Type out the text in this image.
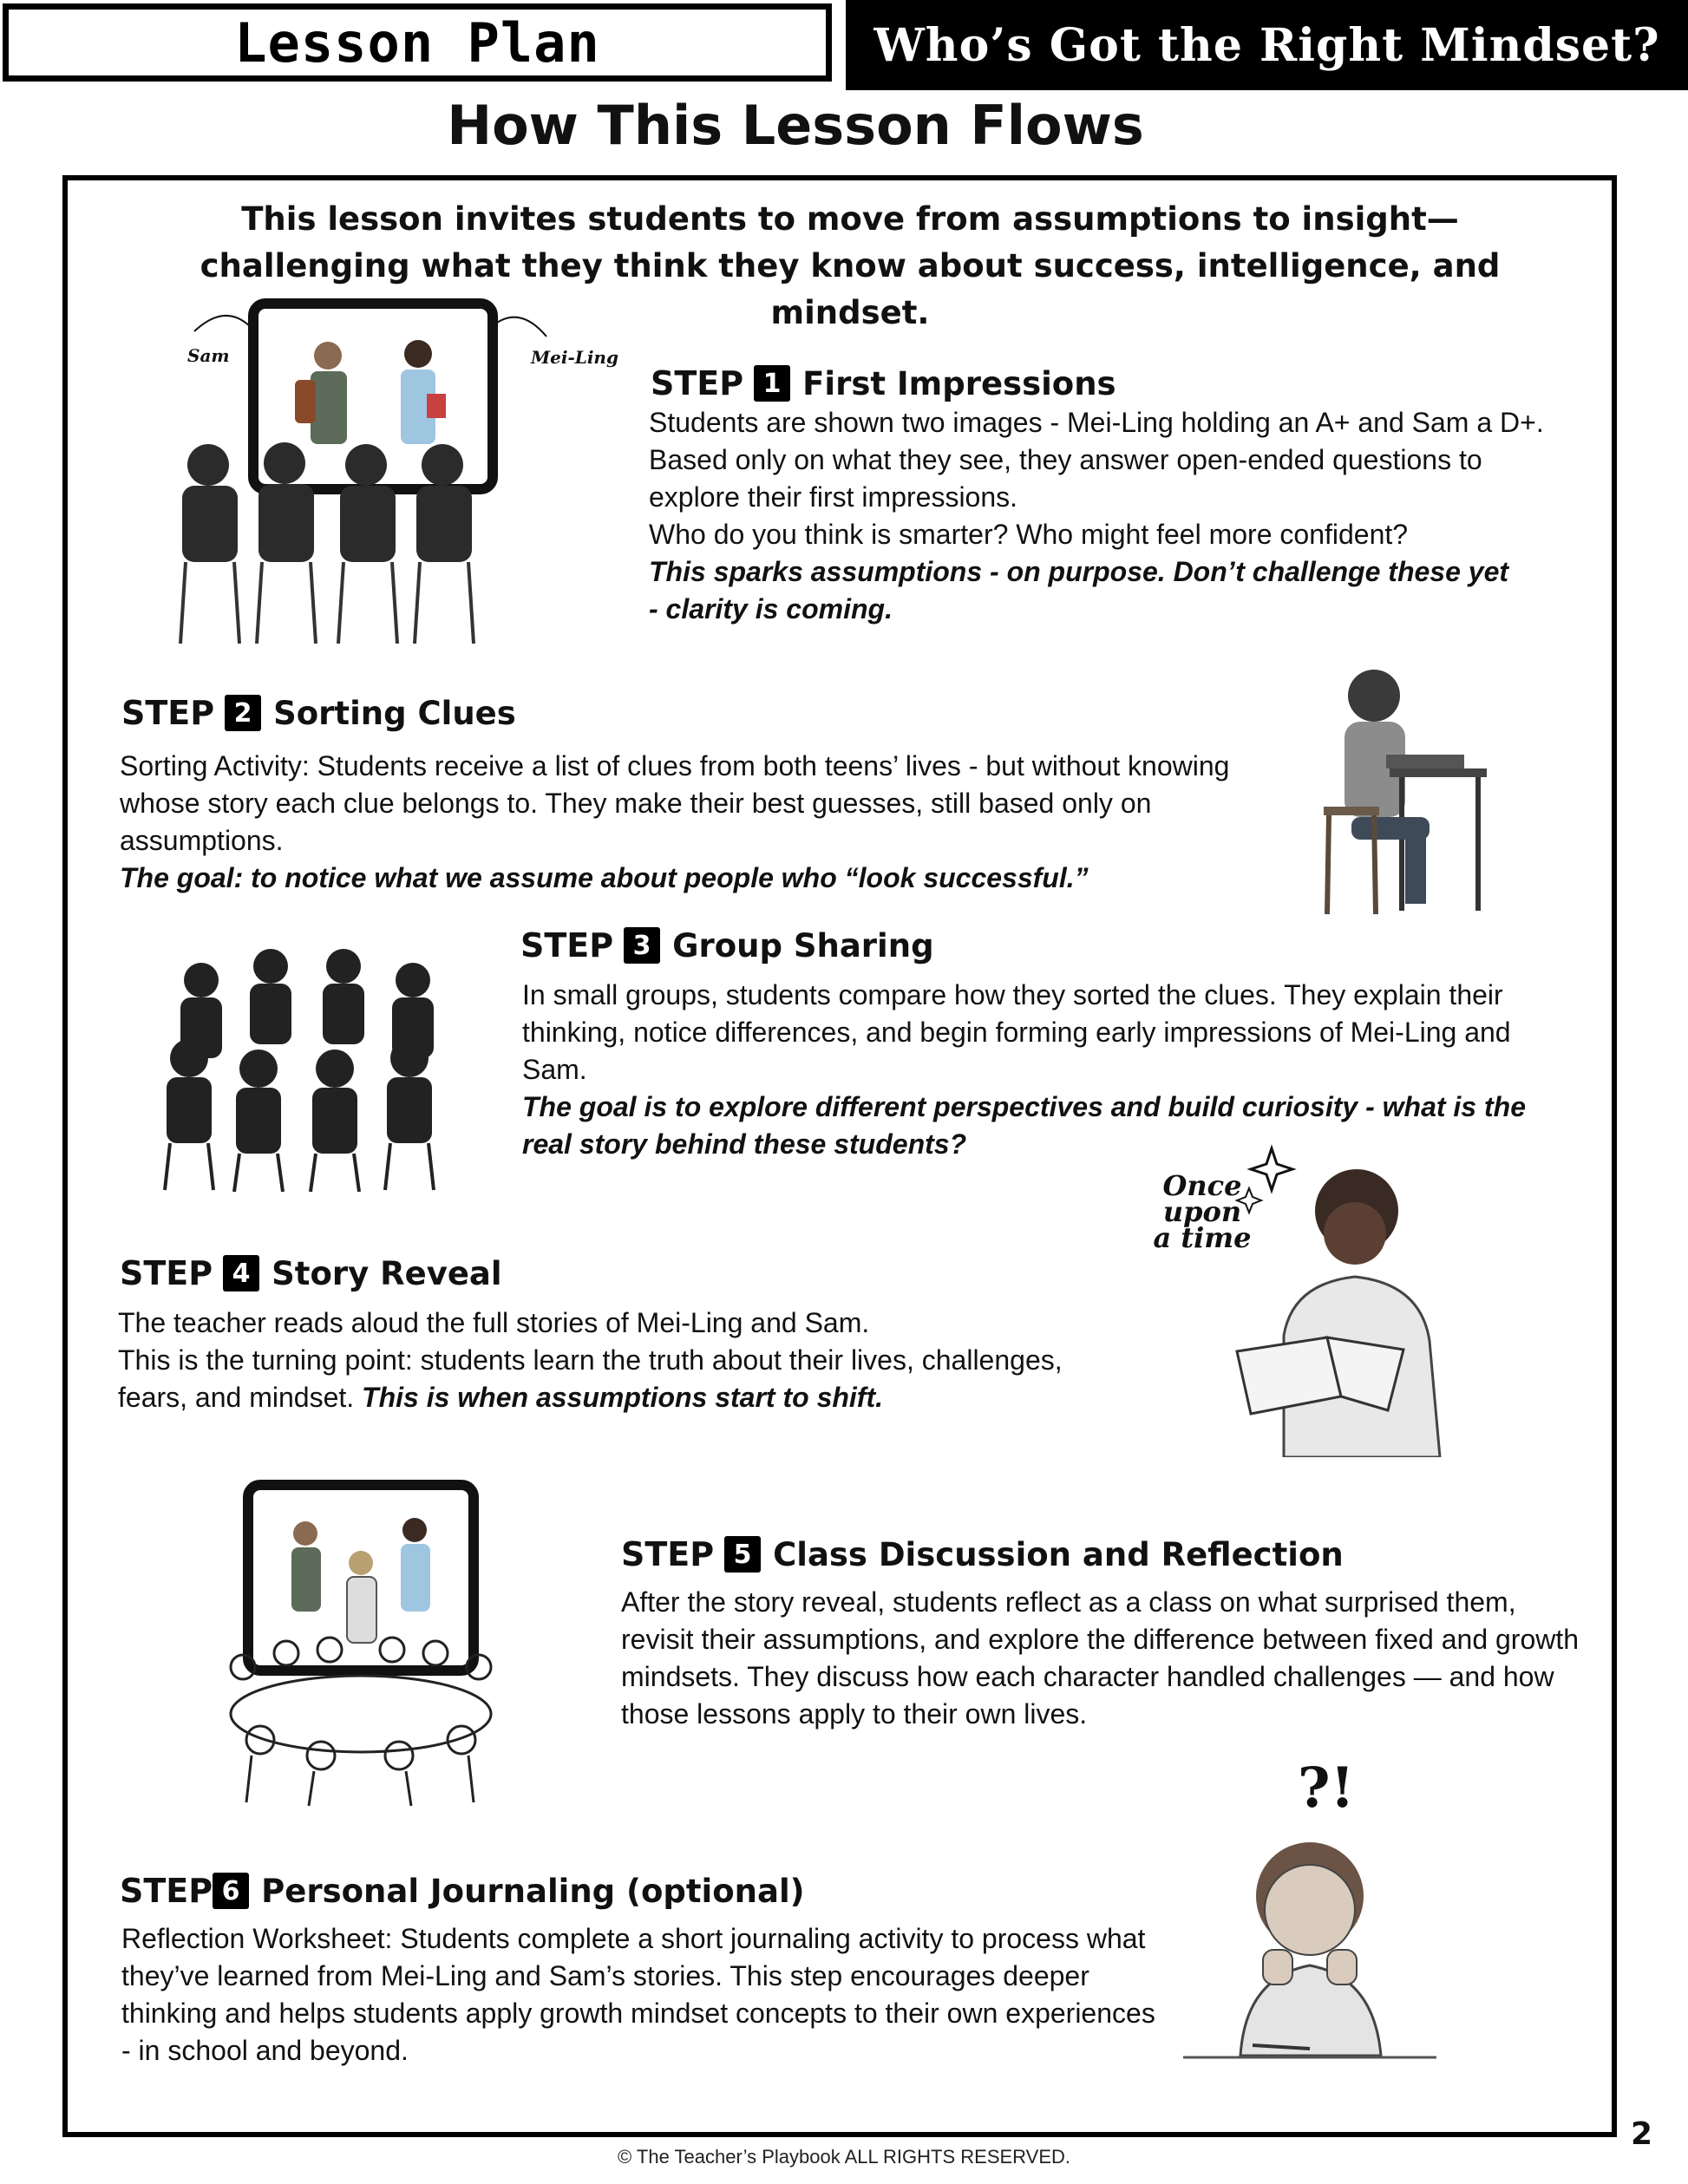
Lesson Plan	Who’s Got the Right Mindset?
How This Lesson Flows
This lesson invites students to move from assumptions to insight—challenging what they think they know about success, intelligence, and mindset.
Sam	Mei-Ling
STEP 1 First Impressions

Students are shown two images - Mei-Ling holding an A+ and Sam a D+.

Based only on what they see, they answer open-ended questions to

explore their first impressions.

Who do you think is smarter? Who might feel more confident?

This sparks assumptions - on purpose. Don’t challenge these yet - clarity is coming.

STEP 2 Sorting Clues

Sorting Activity: Students receive a list of clues from both teens’ lives - but without knowing whose story each clue belongs to. They make their best guesses, still based only on assumptions.

The goal: to notice what we assume about people who “look successful.”

STEP 3 Group Sharing

In small groups, students compare how they sorted the clues. They explain their thinking, notice differences, and begin forming early impressions of Mei-Ling and Sam.

The goal is to explore different perspectives and build curiosity - what is the real story behind these students?

Once upon a time
STEP 4 Story Reveal

The teacher reads aloud the full stories of Mei-Ling and Sam.

This is the turning point: students learn the truth about their lives, challenges, fears, and mindset. This is when assumptions start to shift.

STEP 5 Class Discussion and Reflection

After the story reveal, students reflect as a class on what surprised them, revisit their assumptions, and explore the difference between fixed and growth mindsets. They discuss how each character handled challenges — and how those lessons apply to their own lives.

?!
STEP 6 Personal Journaling (optional)

Reflection Worksheet: Students complete a short journaling activity to process what they’ve learned from Mei-Ling and Sam’s stories. This step encourages deeper thinking and helps students apply growth mindset concepts to their own experiences - in school and beyond.

© The Teacher’s Playbook ALL RIGHTS RESERVED.
2
